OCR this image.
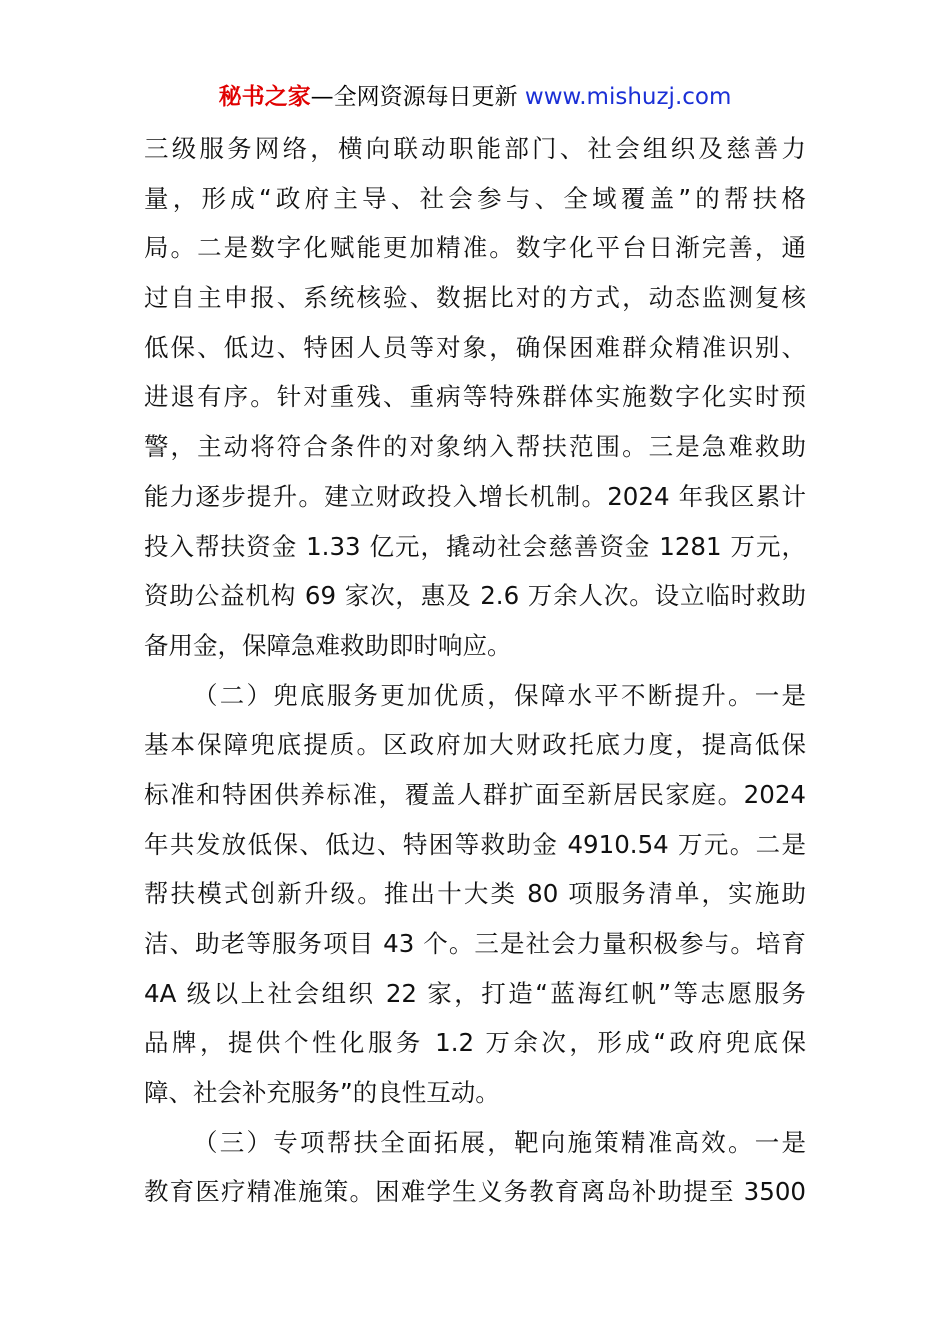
秘书之家—全网资源每日更新 www.mishuzj.com
三级服务网络，横向联动职能部门、社会组织及慈善力
量，形成“政府主导、社会参与、全域覆盖”的帮扶格
局。二是数字化赋能更加精准。数字化平台日渐完善，通
过自主申报、系统核验、数据比对的方式，动态监测复核
低保、低边、特困人员等对象，确保困难群众精准识别、
进退有序。针对重残、重病等特殊群体实施数字化实时预
警，主动将符合条件的对象纳入帮扶范围。三是急难救助
能力逐步提升。建立财政投入增长机制。2024 年我区累计
投入帮扶资金 1.33 亿元，撬动社会慈善资金 1281 万元，
资助公益机构 69 家次，惠及 2.6 万余人次。设立临时救助
备用金，保障急难救助即时响应。
（二）兜底服务更加优质，保障水平不断提升。一是
基本保障兜底提质。区政府加大财政托底力度，提高低保
标准和特困供养标准，覆盖人群扩面至新居民家庭。2024
年共发放低保、低边、特困等救助金 4910.54 万元。二是
帮扶模式创新升级。推出十大类 80 项服务清单，实施助
洁、助老等服务项目 43 个。三是社会力量积极参与。培育
4A 级以上社会组织 22 家，打造“蓝海红帆”等志愿服务
品牌，提供个性化服务 1.2 万余次，形成“政府兜底保
障、社会补充服务”的良性互动。
（三）专项帮扶全面拓展，靶向施策精准高效。一是
教育医疗精准施策。困难学生义务教育离岛补助提至 3500
